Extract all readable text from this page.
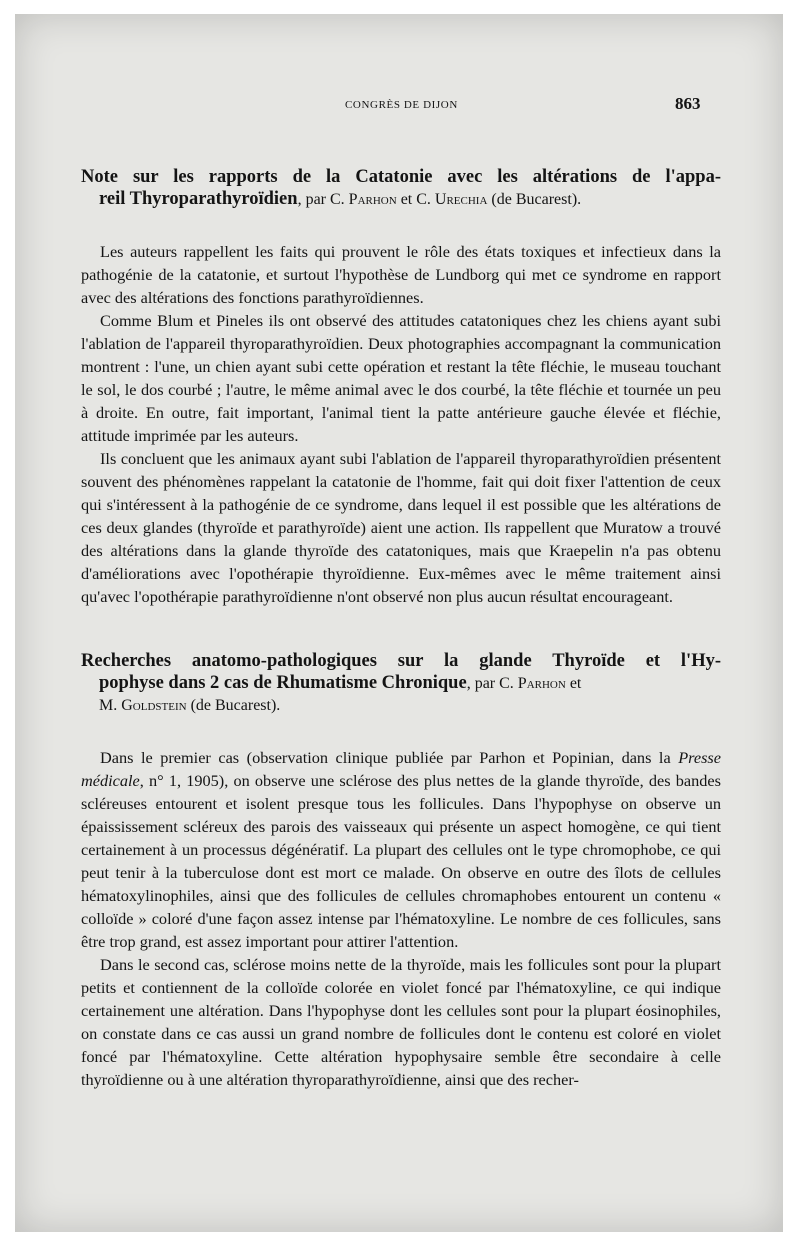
CONGRÈS DE DIJON	863
Note sur les rapports de la Catatonie avec les altérations de l'appa-
reil Thyroparathyroïdien, par C. Parhon et C. Urechia (de Bucarest).

Les auteurs rappellent les faits qui prouvent le rôle des états toxiques et infectieux dans la pathogénie de la catatonie, et surtout l'hypothèse de Lundborg qui met ce syndrome en rapport avec des altérations des fonctions parathyroïdiennes.

Comme Blum et Pineles ils ont observé des attitudes catatoniques chez les chiens ayant subi l'ablation de l'appareil thyroparathyroïdien. Deux photographies accompagnant la communication montrent : l'une, un chien ayant subi cette opération et restant la tête fléchie, le museau touchant le sol, le dos courbé ; l'autre, le même animal avec le dos courbé, la tête fléchie et tournée un peu à droite. En outre, fait important, l'animal tient la patte antérieure gauche élevée et fléchie, attitude imprimée par les auteurs.

Ils concluent que les animaux ayant subi l'ablation de l'appareil thyroparathyroïdien présentent souvent des phénomènes rappelant la catatonie de l'homme, fait qui doit fixer l'attention de ceux qui s'intéressent à la pathogénie de ce syndrome, dans lequel il est possible que les altérations de ces deux glandes (thyroïde et parathyroïde) aient une action. Ils rappellent que Muratow a trouvé des altérations dans la glande thyroïde des catatoniques, mais que Kraepelin n'a pas obtenu d'améliorations avec l'opothérapie thyroïdienne. Eux-mêmes avec le même traitement ainsi qu'avec l'opothérapie parathyroïdienne n'ont observé non plus aucun résultat encourageant.

Recherches anatomo-pathologiques sur la glande Thyroïde et l'Hy-
pophyse dans 2 cas de Rhumatisme Chronique, par C. Parhon et
M. Goldstein (de Bucarest).

Dans le premier cas (observation clinique publiée par Parhon et Popinian, dans la Presse médicale, n° 1, 1905), on observe une sclérose des plus nettes de la glande thyroïde, des bandes scléreuses entourent et isolent presque tous les follicules. Dans l'hypophyse on observe un épaississement scléreux des parois des vaisseaux qui présente un aspect homogène, ce qui tient certainement à un processus dégénératif. La plupart des cellules ont le type chromophobe, ce qui peut tenir à la tuberculose dont est mort ce malade. On observe en outre des îlots de cellules hématoxylinophiles, ainsi que des follicules de cellules chromaphobes entourent un contenu « colloïde » coloré d'une façon assez intense par l'hématoxyline. Le nombre de ces follicules, sans être trop grand, est assez important pour attirer l'attention.

Dans le second cas, sclérose moins nette de la thyroïde, mais les follicules sont pour la plupart petits et contiennent de la colloïde colorée en violet foncé par l'hématoxyline, ce qui indique certainement une altération. Dans l'hypophyse dont les cellules sont pour la plupart éosinophiles, on constate dans ce cas aussi un grand nombre de follicules dont le contenu est coloré en violet foncé par l'hématoxyline. Cette altération hypophysaire semble être secondaire à celle thyroïdienne ou à une altération thyroparathyroïdienne, ainsi que des recher-
